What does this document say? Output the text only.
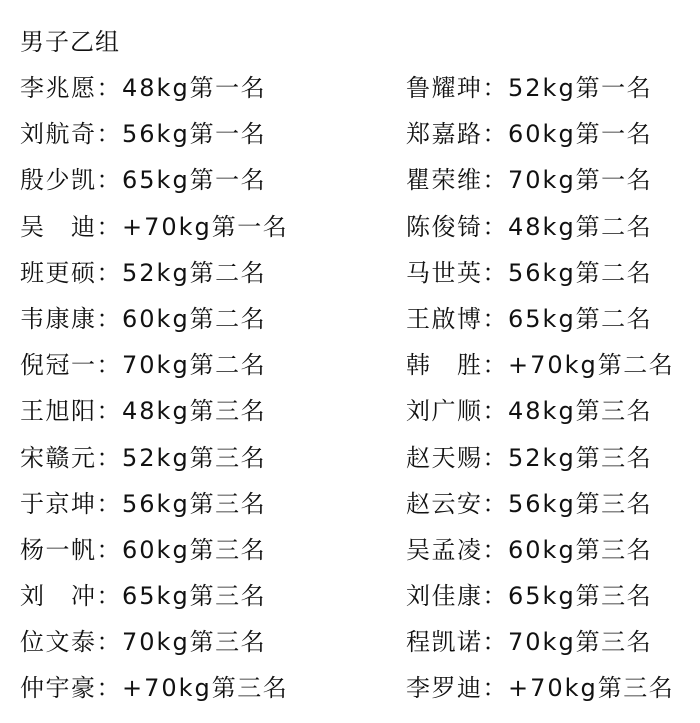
男子乙组
李兆愿：48kg第一名	鲁耀珅：52kg第一名
刘航奇：56kg第一名	郑嘉路：60kg第一名
殷少凯：65kg第一名	瞿荣维：70kg第一名
吴　迪：+70kg第一名	陈俊锜：48kg第二名
班更硕：52kg第二名	马世英：56kg第二名
韦康康：60kg第二名	王啟博：65kg第二名
倪冠一：70kg第二名	韩　胜：+70kg第二名
王旭阳：48kg第三名	刘广顺：48kg第三名
宋赣元：52kg第三名	赵天赐：52kg第三名
于京坤：56kg第三名	赵云安：56kg第三名
杨一帆：60kg第三名	吴孟凌：60kg第三名
刘　冲：65kg第三名	刘佳康：65kg第三名
位文泰：70kg第三名	程凯诺：70kg第三名
仲宇豪：+70kg第三名	李罗迪：+70kg第三名
